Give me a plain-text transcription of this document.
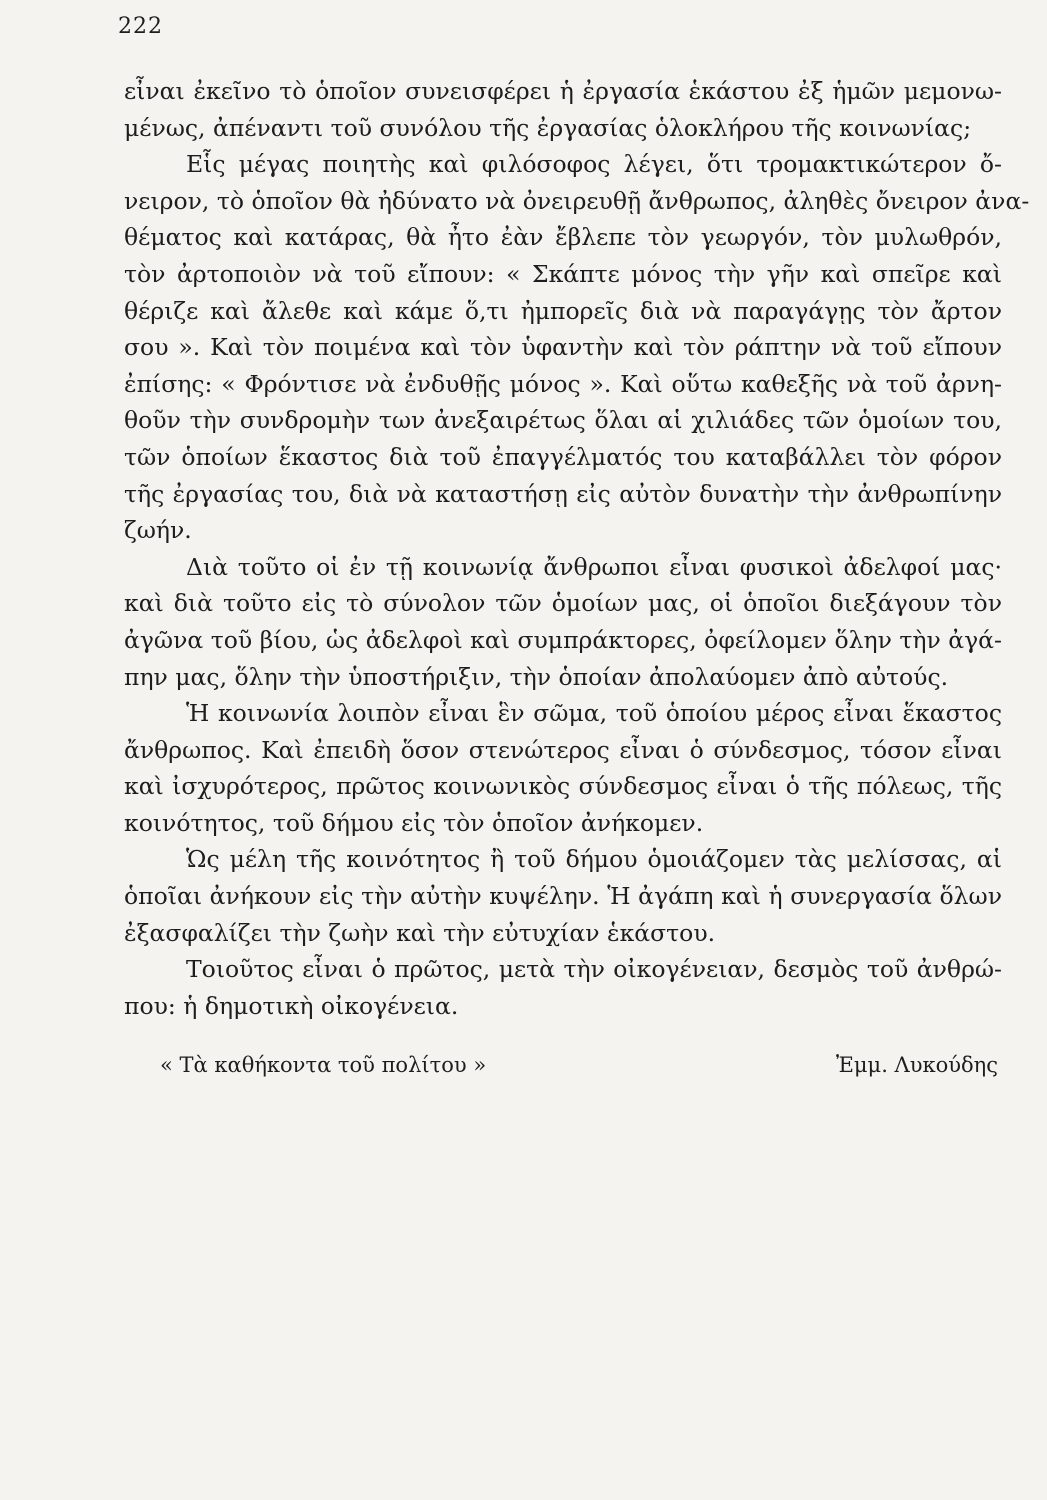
222
εἶναι ἐκεῖνο τὸ ὁποῖον συνεισφέρει ἡ ἐργασία ἑκάστου ἐξ ἡμῶν μεμονω-
μένως, ἀπέναντι τοῦ συνόλου τῆς ἐργασίας ὁλοκλήρου τῆς κοινωνίας;
Εἷς μέγας ποιητὴς καὶ φιλόσοφος λέγει, ὅτι τρομακτικώτερον ὄ-
νειρον, τὸ ὁποῖον θὰ ἠδύνατο νὰ ὀνειρευθῇ ἄνθρωπος, ἀληθὲς ὄνειρον ἀνα-
θέματος καὶ κατάρας, θὰ ἦτο ἐὰν ἔβλεπε τὸν γεωργόν, τὸν μυλωθρόν,
τὸν ἀρτοποιὸν νὰ τοῦ εἴπουν: « Σκάπτε μόνος τὴν γῆν καὶ σπεῖρε καὶ
θέριζε καὶ ἄλεθε καὶ κάμε ὅ,τι ἠμπορεῖς διὰ νὰ παραγάγῃς τὸν ἄρτον
σου ». Καὶ τὸν ποιμένα καὶ τὸν ὑφαντὴν καὶ τὸν ράπτην νὰ τοῦ εἴπουν
ἐπίσης: « Φρόντισε νὰ ἐνδυθῇς μόνος ». Καὶ οὕτω καθεξῆς νὰ τοῦ ἀρνη-
θοῦν τὴν συνδρομὴν των ἀνεξαιρέτως ὅλαι αἱ χιλιάδες τῶν ὁμοίων του,
τῶν ὁποίων ἕκαστος διὰ τοῦ ἐπαγγέλματός του καταβάλλει τὸν φόρον
τῆς ἐργασίας του, διὰ νὰ καταστήσῃ εἰς αὐτὸν δυνατὴν τὴν ἀνθρωπίνην
ζωήν.
Διὰ τοῦτο οἱ ἐν τῇ κοινωνίᾳ ἄνθρωποι εἶναι φυσικοὶ ἀδελφοί μας·
καὶ διὰ τοῦτο εἰς τὸ σύνολον τῶν ὁμοίων μας, οἱ ὁποῖοι διεξάγουν τὸν
ἀγῶνα τοῦ βίου, ὡς ἀδελφοὶ καὶ συμπράκτορες, ὀφείλομεν ὅλην τὴν ἀγά-
πην μας, ὅλην τὴν ὑποστήριξιν, τὴν ὁποίαν ἀπολαύομεν ἀπὸ αὐτούς.
Ἡ κοινωνία λοιπὸν εἶναι ἓν σῶμα, τοῦ ὁποίου μέρος εἶναι ἕκαστος
ἄνθρωπος. Καὶ ἐπειδὴ ὅσον στενώτερος εἶναι ὁ σύνδεσμος, τόσον εἶναι
καὶ ἰσχυρότερος, πρῶτος κοινωνικὸς σύνδεσμος εἶναι ὁ τῆς πόλεως, τῆς
κοινότητος, τοῦ δήμου εἰς τὸν ὁποῖον ἀνήκομεν.
Ὡς μέλη τῆς κοινότητος ἢ τοῦ δήμου ὁμοιάζομεν τὰς μελίσσας, αἱ
ὁποῖαι ἀνήκουν εἰς τὴν αὐτὴν κυψέλην. Ἡ ἀγάπη καὶ ἡ συνεργασία ὅλων
ἐξασφαλίζει τὴν ζωὴν καὶ τὴν εὐτυχίαν ἑκάστου.
Τοιοῦτος εἶναι ὁ πρῶτος, μετὰ τὴν οἰκογένειαν, δεσμὸς τοῦ ἀνθρώ-
που: ἡ δημοτικὴ οἰκογένεια.
« Τὰ καθήκοντα τοῦ πολίτου »	Ἐμμ. Λυκούδης
